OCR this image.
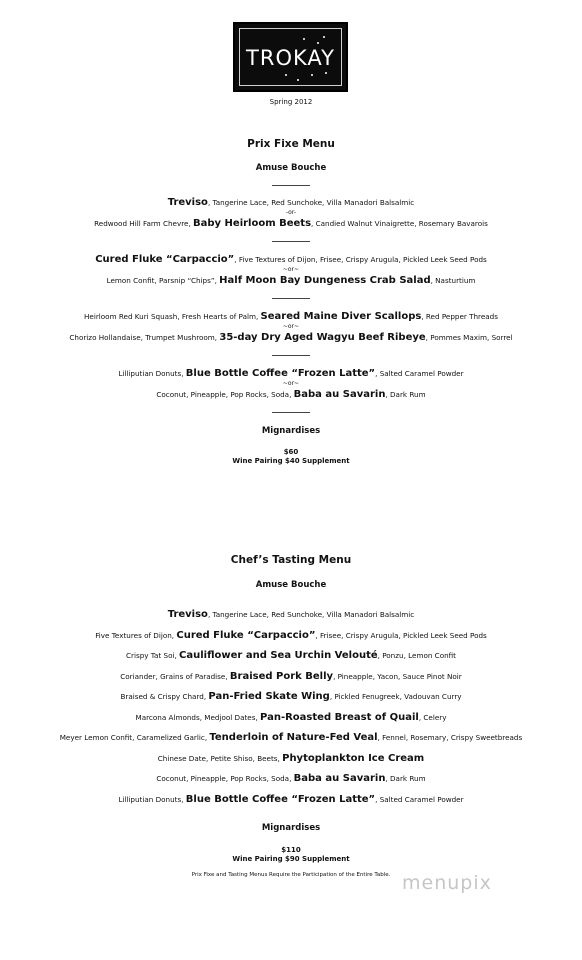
TROKAY
Spring 2012
Prix Fixe Menu
Amuse Bouche
Treviso, Tangerine Lace, Red Sunchoke, Villa Manadori Balsalmic
-or-
Redwood Hill Farm Chevre, Baby Heirloom Beets, Candied Walnut Vinaigrette, Rosemary Bavarois
Cured Fluke “Carpaccio”, Five Textures of Dijon, Frisee, Crispy Arugula, Pickled Leek Seed Pods
~or~
Lemon Confit, Parsnip “Chips”, Half Moon Bay Dungeness Crab Salad, Nasturtium
Heirloom Red Kuri Squash, Fresh Hearts of Palm, Seared Maine Diver Scallops, Red Pepper Threads
~or~
Chorizo Hollandaise, Trumpet Mushroom, 35-day Dry Aged Wagyu Beef Ribeye, Pommes Maxim, Sorrel
Lilliputian Donuts, Blue Bottle Coffee “Frozen Latte”, Salted Caramel Powder
~or~
Coconut, Pineapple, Pop Rocks, Soda, Baba au Savarin, Dark Rum
Mignardises
$60
Wine Pairing $40 Supplement
Chef’s Tasting Menu
Amuse Bouche
Treviso, Tangerine Lace, Red Sunchoke, Villa Manadori Balsalmic
Five Textures of Dijon, Cured Fluke “Carpaccio”, Frisee, Crispy Arugula, Pickled Leek Seed Pods
Crispy Tat Soi, Cauliflower and Sea Urchin Velouté, Ponzu, Lemon Confit
Coriander, Grains of Paradise, Braised Pork Belly, Pineapple, Yacon, Sauce Pinot Noir
Braised & Crispy Chard, Pan-Fried Skate Wing, Pickled Fenugreek, Vadouvan Curry
Marcona Almonds, Medjool Dates, Pan-Roasted Breast of Quail, Celery
Meyer Lemon Confit, Caramelized Garlic, Tenderloin of Nature-Fed Veal, Fennel, Rosemary, Crispy Sweetbreads
Chinese Date, Petite Shiso, Beets, Phytoplankton Ice Cream
Coconut, Pineapple, Pop Rocks, Soda, Baba au Savarin, Dark Rum
Lilliputian Donuts, Blue Bottle Coffee “Frozen Latte”, Salted Caramel Powder
Mignardises
$110
Wine Pairing $90 Supplement
Prix Fixe and Tasting Menus Require the Participation of the Entire Table. menupix
